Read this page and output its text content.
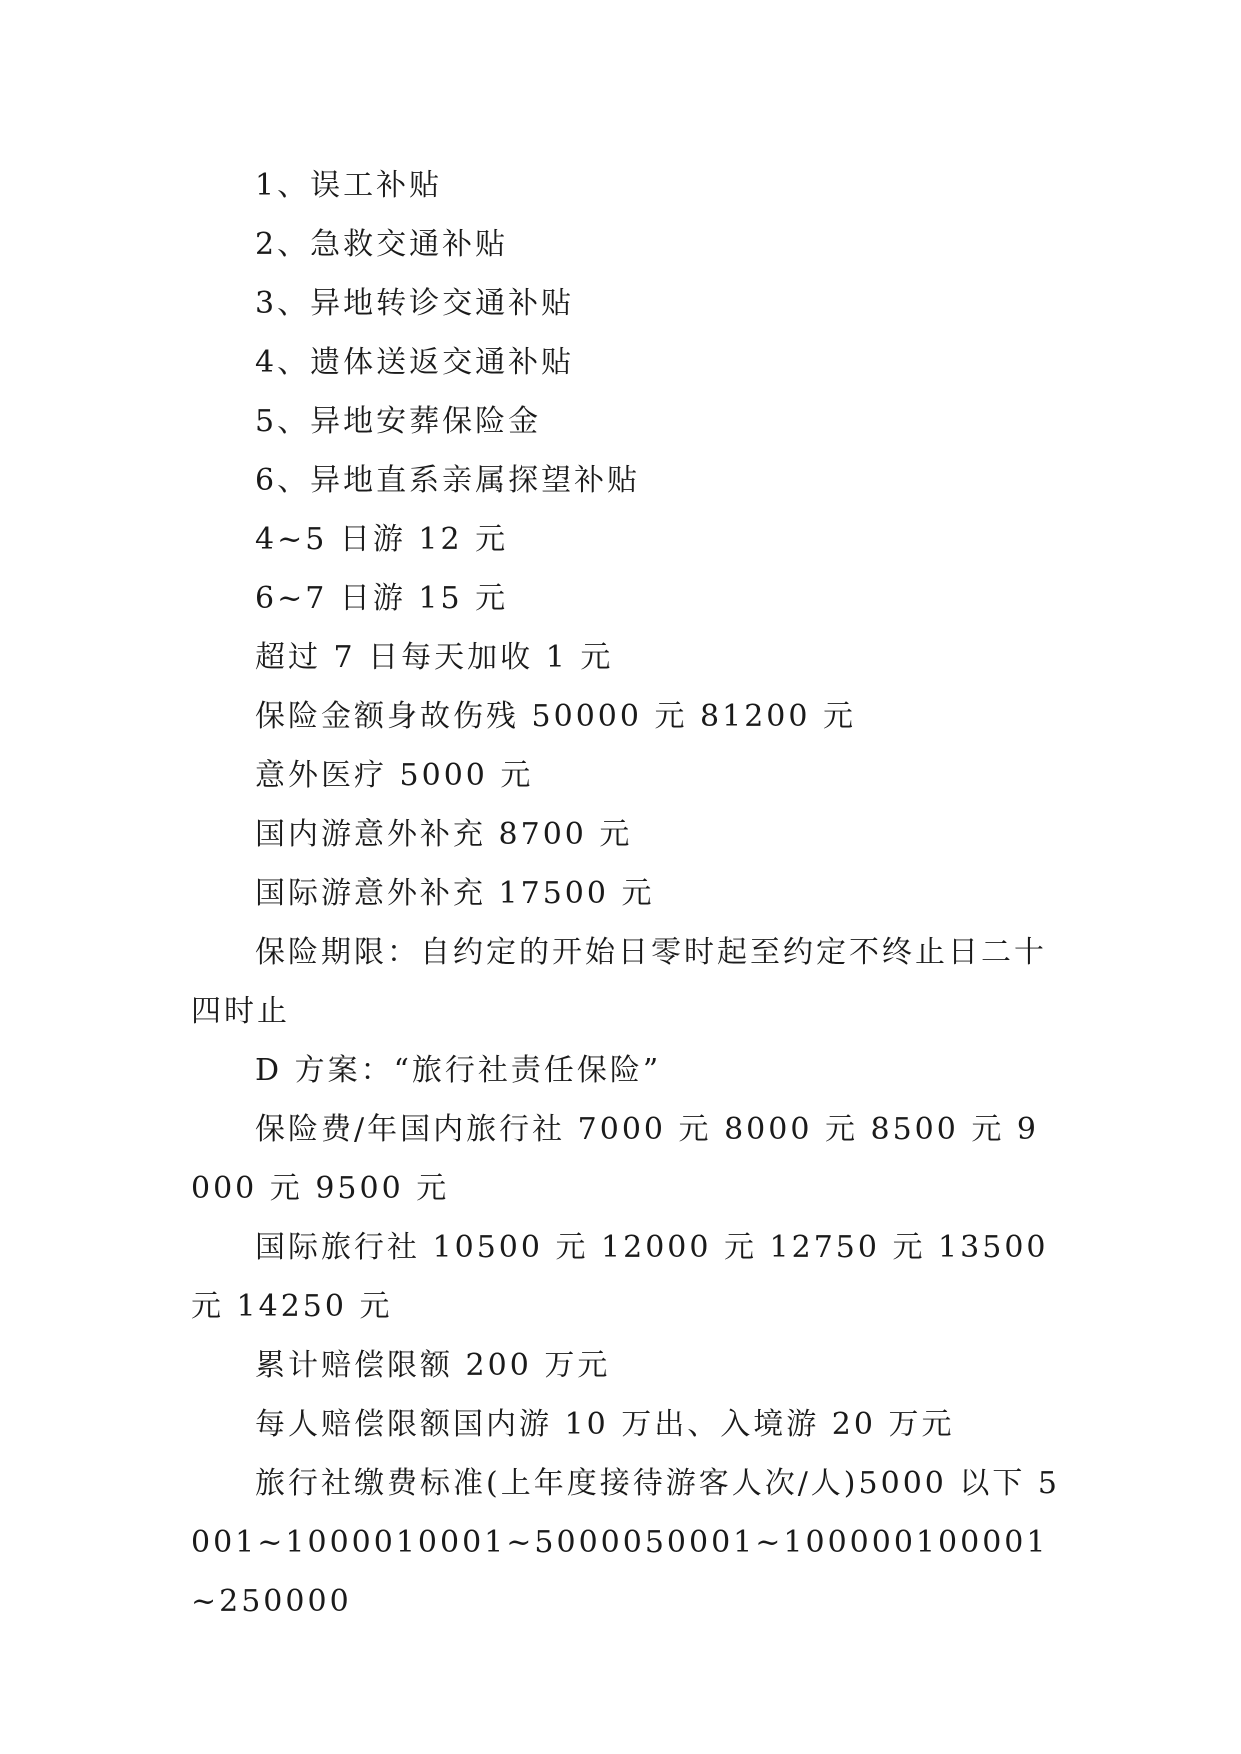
1、误工补贴

2、急救交通补贴

3、异地转诊交通补贴

4、遗体送返交通补贴

5、异地安葬保险金

6、异地直系亲属探望补贴

4~5 日游 12 元

6~7 日游 15 元

超过 7 日每天加收 1 元

保险金额身故伤残 50000 元 81200 元

意外医疗 5000 元

国内游意外补充 8700 元

国际游意外补充 17500 元

保险期限：自约定的开始日零时起至约定不终止日二十四时止

D 方案：“旅行社责任保险”

保险费/年国内旅行社 7000 元 8000 元 8500 元 9000 元 9500 元

国际旅行社 10500 元 12000 元 12750 元 13500 元 14250 元

累计赔偿限额 200 万元

每人赔偿限额国内游 10 万出、入境游 20 万元

旅行社缴费标准(上年度接待游客人次/人)5000 以下 5001~1000010001~5000050001~100000100001~250000
